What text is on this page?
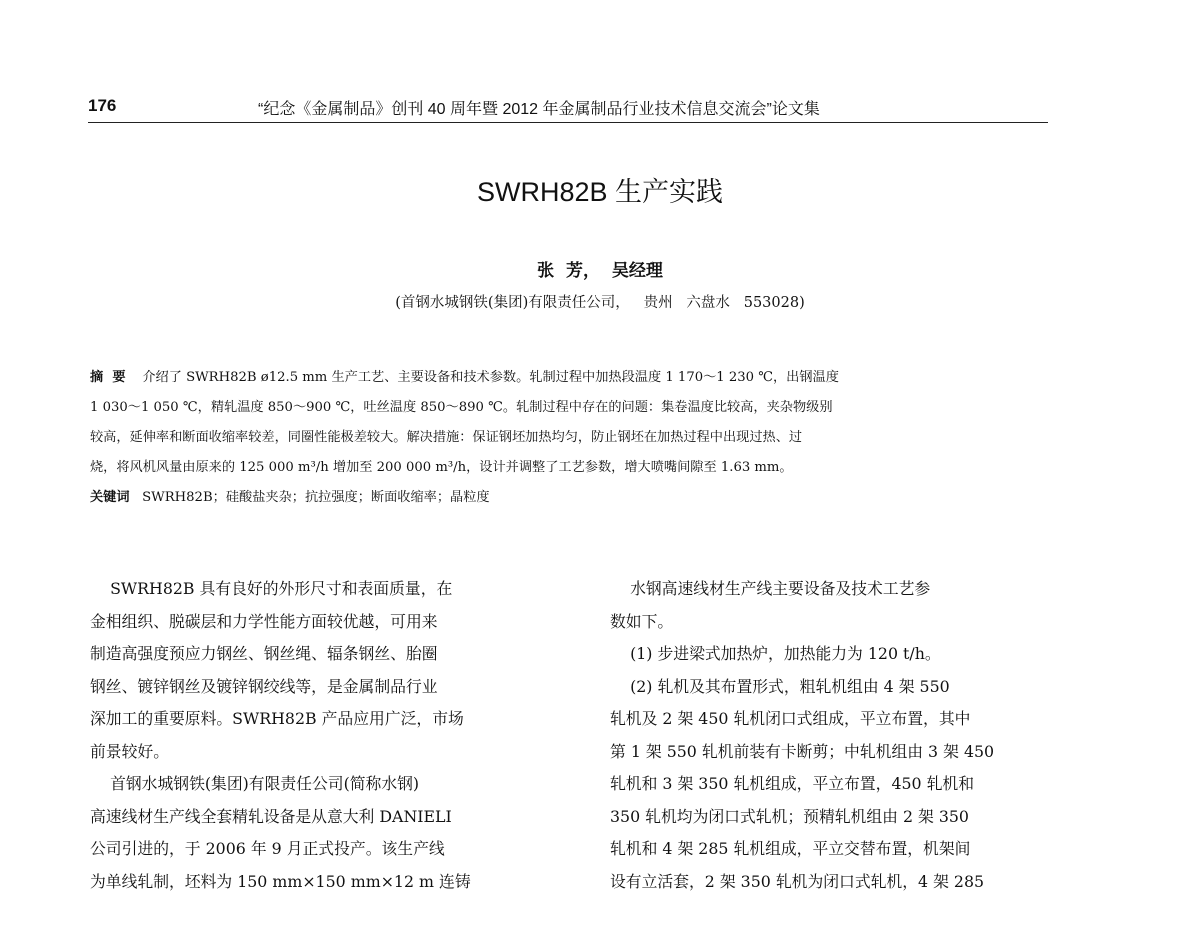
176	“纪念《金属制品》创刊 40 周年暨 2012 年金属制品行业技术信息交流会”论文集
SWRH82B 生产实践
张  芳，  吴经理
(首钢水城钢铁(集团)有限责任公司，   贵州   六盘水   553028)
摘  要 介绍了 SWRH82B ø12.5 mm 生产工艺、主要设备和技术参数。轧制过程中加热段温度 1 170～1 230 ℃，出钢温度
1 030～1 050 ℃，精轧温度 850～900 ℃，吐丝温度 850～890 ℃。轧制过程中存在的问题：集卷温度比较高，夹杂物级别
较高，延伸率和断面收缩率较差，同圈性能极差较大。解决措施：保证钢坯加热均匀，防止钢坯在加热过程中出现过热、过
烧，将风机风量由原来的 125 000 m³/h 增加至 200 000 m³/h，设计并调整了工艺参数，增大喷嘴间隙至 1.63 mm。
关键词 SWRH82B；硅酸盐夹杂；抗拉强度；断面收缩率；晶粒度
SWRH82B 具有良好的外形尺寸和表面质量，在
金相组织、脱碳层和力学性能方面较优越，可用来
制造高强度预应力钢丝、钢丝绳、辐条钢丝、胎圈
钢丝、镀锌钢丝及镀锌钢绞线等，是金属制品行业
深加工的重要原料。SWRH82B 产品应用广泛，市场
前景较好。
首钢水城钢铁(集团)有限责任公司(简称水钢)
高速线材生产线全套精轧设备是从意大利 DANIELI
公司引进的，于 2006 年 9 月正式投产。该生产线
为单线轧制，坯料为 150 mm×150 mm×12 m 连铸
水钢高速线材生产线主要设备及技术工艺参
数如下。
(1) 步进梁式加热炉，加热能力为 120 t/h。
(2) 轧机及其布置形式，粗轧机组由 4 架 550
轧机及 2 架 450 轧机闭口式组成，平立布置，其中
第 1 架 550 轧机前装有卡断剪；中轧机组由 3 架 450
轧机和 3 架 350 轧机组成，平立布置，450 轧机和
350 轧机均为闭口式轧机；预精轧机组由 2 架 350
轧机和 4 架 285 轧机组成，平立交替布置，机架间
设有立活套，2 架 350 轧机为闭口式轧机，4 架 285
